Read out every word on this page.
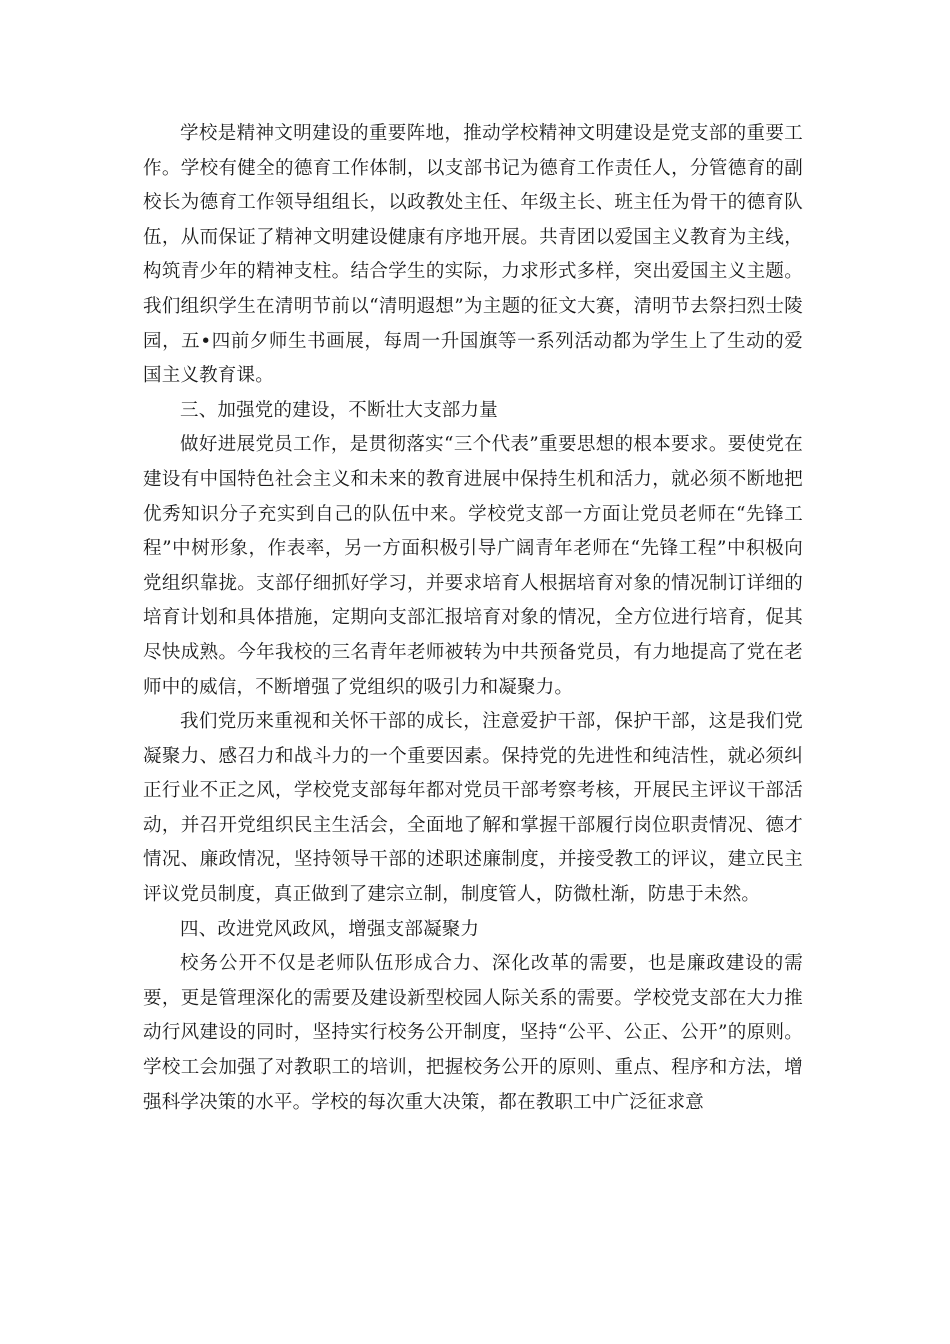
学校是精神文明建设的重要阵地，推动学校精神文明建设是党支部的重要工作。学校有健全的德育工作体制，以支部书记为德育工作责任人，分管德育的副校长为德育工作领导组组长，以政教处主任、年级主长、班主任为骨干的德育队伍，从而保证了精神文明建设健康有序地开展。共青团以爱国主义教育为主线，构筑青少年的精神支柱。结合学生的实际，力求形式多样，突出爱国主义主题。我们组织学生在清明节前以“清明遐想”为主题的征文大赛，清明节去祭扫烈士陵园，五•四前夕师生书画展，每周一升国旗等一系列活动都为学生上了生动的爱国主义教育课。

三、加强党的建设，不断壮大支部力量

做好进展党员工作，是贯彻落实“三个代表”重要思想的根本要求。要使党在建设有中国特色社会主义和未来的教育进展中保持生机和活力，就必须不断地把优秀知识分子充实到自己的队伍中来。学校党支部一方面让党员老师在“先锋工程”中树形象，作表率，另一方面积极引导广阔青年老师在“先锋工程”中积极向党组织靠拢。支部仔细抓好学习，并要求培育人根据培育对象的情况制订详细的培育计划和具体措施，定期向支部汇报培育对象的情况，全方位进行培育，促其尽快成熟。今年我校的三名青年老师被转为中共预备党员，有力地提高了党在老师中的威信，不断增强了党组织的吸引力和凝聚力。

我们党历来重视和关怀干部的成长，注意爱护干部，保护干部，这是我们党凝聚力、感召力和战斗力的一个重要因素。保持党的先进性和纯洁性，就必须纠正行业不正之风，学校党支部每年都对党员干部考察考核，开展民主评议干部活动，并召开党组织民主生活会，全面地了解和掌握干部履行岗位职责情况、德才情况、廉政情况，坚持领导干部的述职述廉制度，并接受教工的评议，建立民主评议党员制度，真正做到了建宗立制，制度管人，防微杜渐，防患于未然。

四、改进党风政风，增强支部凝聚力

校务公开不仅是老师队伍形成合力、深化改革的需要，也是廉政建设的需要，更是管理深化的需要及建设新型校园人际关系的需要。学校党支部在大力推动行风建设的同时，坚持实行校务公开制度，坚持“公平、公正、公开”的原则。学校工会加强了对教职工的培训，把握校务公开的原则、重点、程序和方法，增强科学决策的水平。学校的每次重大决策，都在教职工中广泛征求意
